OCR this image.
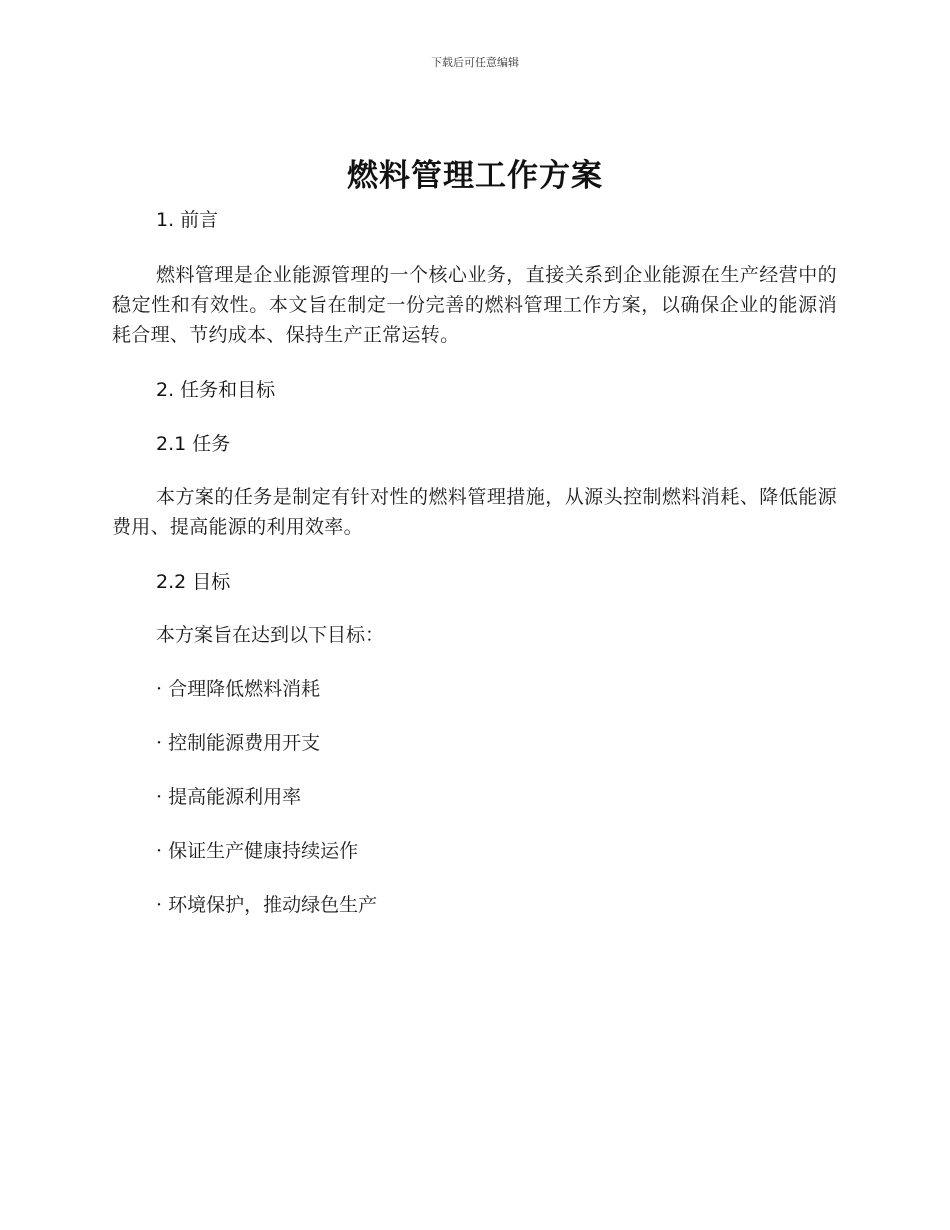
下载后可任意编辑
燃料管理工作方案

1. 前言

燃料管理是企业能源管理的一个核心业务，直接关系到企业能源在生产经营中的稳定性和有效性。本文旨在制定一份完善的燃料管理工作方案，以确保企业的能源消耗合理、节约成本、保持生产正常运转。

2. 任务和目标

2.1 任务

本方案的任务是制定有针对性的燃料管理措施，从源头控制燃料消耗、降低能源费用、提高能源的利用效率。

2.2 目标

本方案旨在达到以下目标：

· 合理降低燃料消耗

· 控制能源费用开支

· 提高能源利用率

· 保证生产健康持续运作

· 环境保护，推动绿色生产
